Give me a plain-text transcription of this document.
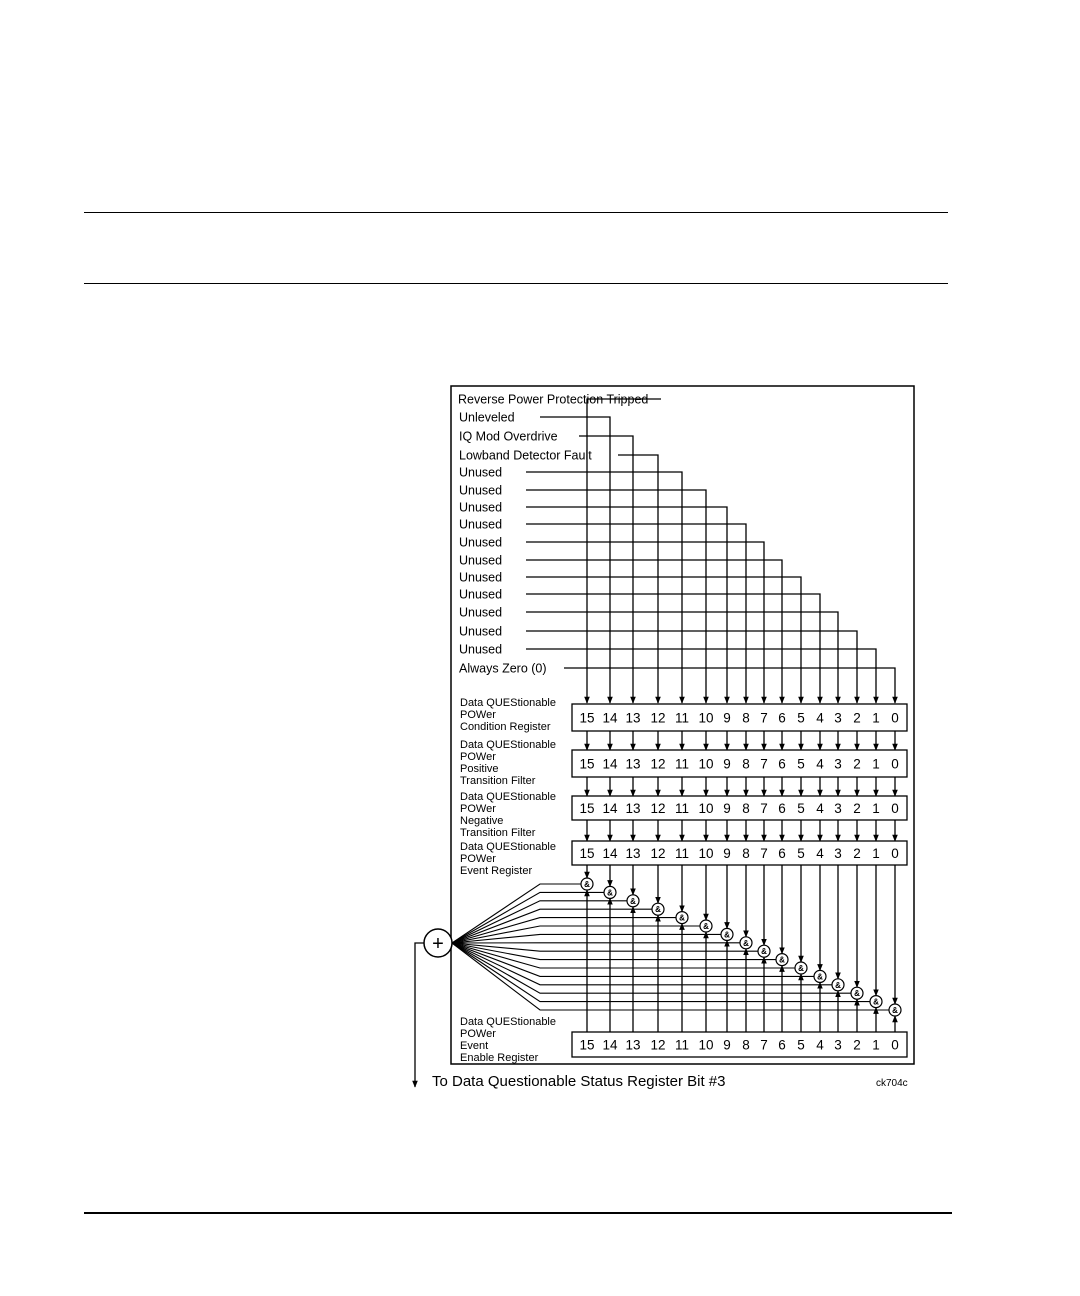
Reverse Power Protection Tripped
Unleveled
IQ Mod Overdrive
Lowband Detector Fault
Unused
Unused
Unused
Unused
Unused
Unused
Unused
Unused
Unused
Unused
Unused
Always Zero (0)
15 14 13 12 11 10 9 8 7 6 5 4 3 2 1 0
Data QUEStionable
POWer
Condition Register
15 14 13 12 11 10 9 8 7 6 5 4 3 2 1 0
Data QUEStionable
POWer
Positive
Transition Filter
15 14 13 12 11 10 9 8 7 6 5 4 3 2 1 0
Data QUEStionable
POWer
Negative
Transition Filter
15 14 13 12 11 10 9 8 7 6 5 4 3 2 1 0
Data QUEStionable
POWer
Event Register
15 14 13 12 11 10 9 8 7 6 5 4 3 2 1 0
Data QUEStionable
POWer
Event
Enable Register
&
&
&
&
&
&
&
&
&
&
&
&
&
&
&
&
+
To Data Questionable Status Register Bit #3	ck704c
